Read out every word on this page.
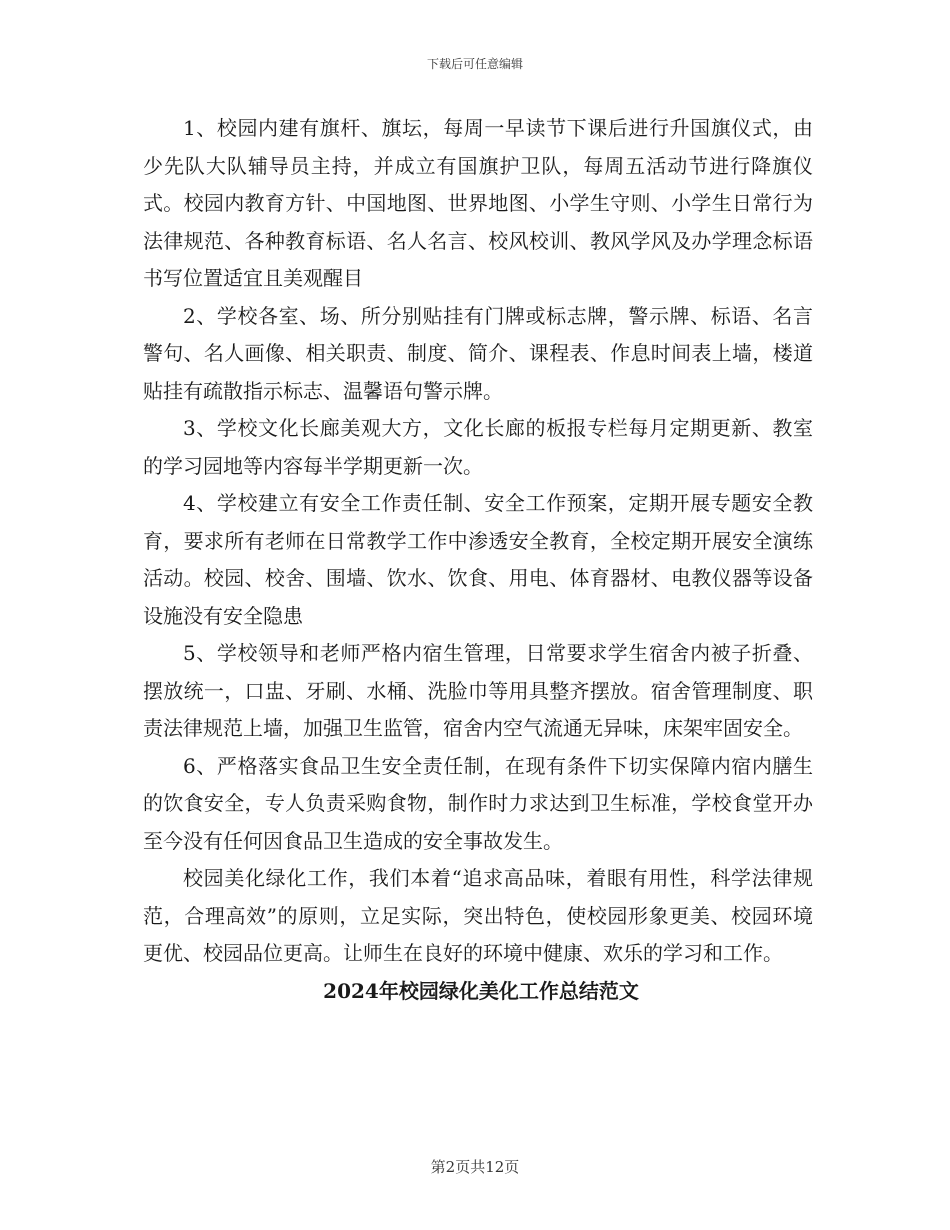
下载后可任意编辑

1、校园内建有旗杆、旗坛，每周一早读节下课后进行升国旗仪式，由少先队大队辅导员主持，并成立有国旗护卫队，每周五活动节进行降旗仪式。校园内教育方针、中国地图、世界地图、小学生守则、小学生日常行为法律规范、各种教育标语、名人名言、校风校训、教风学风及办学理念标语书写位置适宜且美观醒目

2、学校各室、场、所分别贴挂有门牌或标志牌，警示牌、标语、名言警句、名人画像、相关职责、制度、简介、课程表、作息时间表上墙，楼道贴挂有疏散指示标志、温馨语句警示牌。

3、学校文化长廊美观大方，文化长廊的板报专栏每月定期更新、教室的学习园地等内容每半学期更新一次。

4、学校建立有安全工作责任制、安全工作预案，定期开展专题安全教育，要求所有老师在日常教学工作中渗透安全教育，全校定期开展安全演练活动。校园、校舍、围墙、饮水、饮食、用电、体育器材、电教仪器等设备设施没有安全隐患

5、学校领导和老师严格内宿生管理，日常要求学生宿舍内被子折叠、摆放统一，口盅、牙刷、水桶、洗脸巾等用具整齐摆放。宿舍管理制度、职责法律规范上墙，加强卫生监管，宿舍内空气流通无异味，床架牢固安全。

6、严格落实食品卫生安全责任制，在现有条件下切实保障内宿内膳生的饮食安全，专人负责采购食物，制作时力求达到卫生标准，学校食堂开办至今没有任何因食品卫生造成的安全事故发生。

校园美化绿化工作，我们本着“追求高品味，着眼有用性，科学法律规范，合理高效”的原则，立足实际，突出特色，使校园形象更美、校园环境更优、校园品位更高。让师生在良好的环境中健康、欢乐的学习和工作。

2024年校园绿化美化工作总结范文

第2页共12页
